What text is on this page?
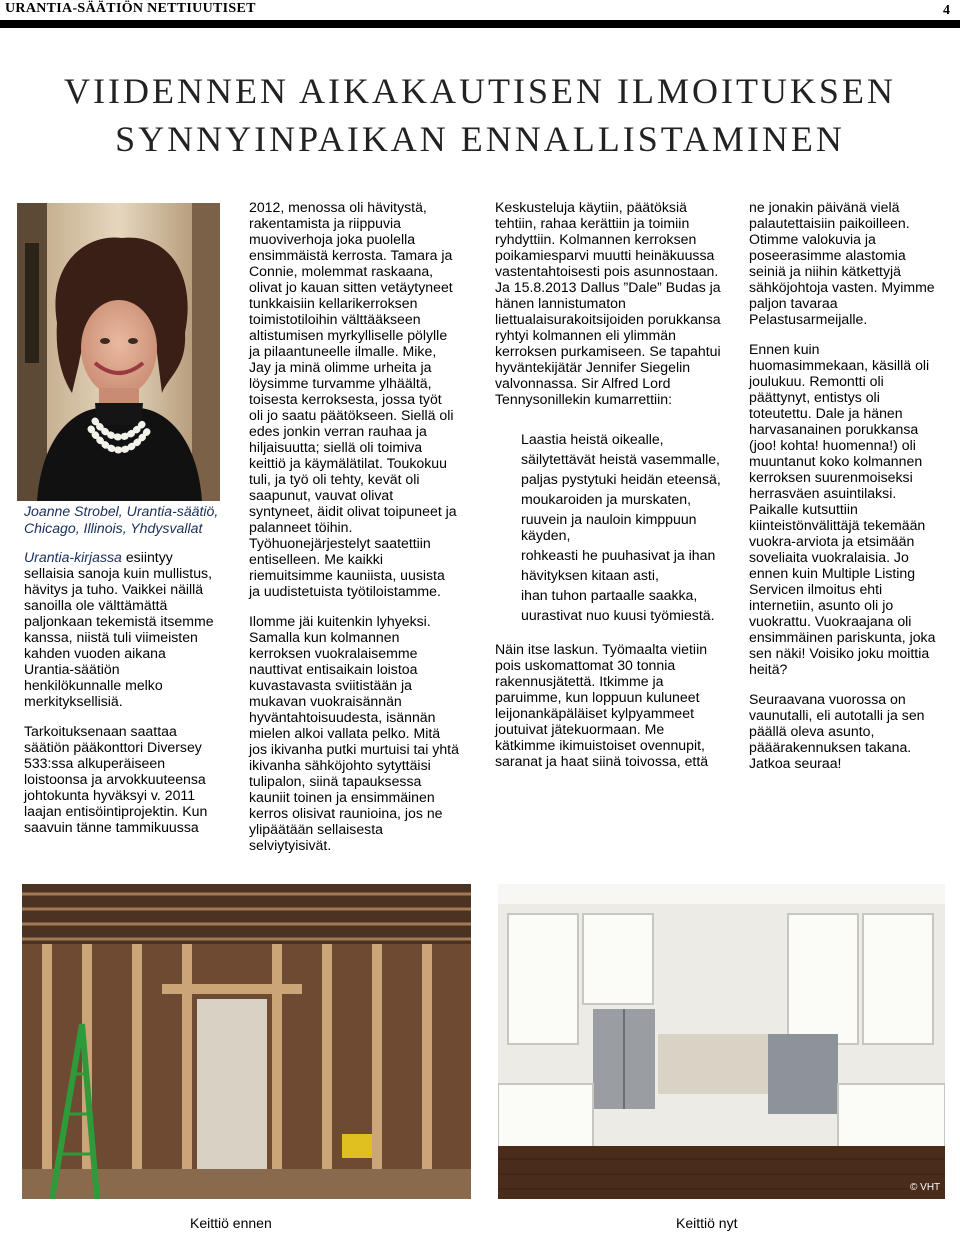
URANTIA-SÄÄTIÖN NETTIUUTISET	4
VIIDENNEN AIKAKAUTISEN ILMOITUKSEN
SYNNYINPAIKAN ENNALLISTAMINEN

Joanne Strobel, Urantia-säätiö, Chicago, Illinois, Yhdysvallat

Urantia-kirjassa esiintyy sellaisia sanoja kuin mullistus, hävitys ja tuho. Vaikkei näillä sanoilla ole välttämättä paljonkaan tekemistä itsemme kanssa, niistä tuli viimeisten kahden vuoden aikana Urantia-säätiön henkilökunnalle melko merkityksellisiä.

Tarkoituksenaan saattaa säätiön pääkonttori Diversey 533:ssa alkuperäiseen loistoonsa ja arvokkuuteensa johtokunta hyväksyi v. 2011 laajan entisöintiprojektin. Kun saavuin tänne tammikuussa

2012, menossa oli hävitystä, rakentamista ja riippuvia muoviverhoja joka puolella ensimmäistä kerrosta. Tamara ja Connie, molemmat raskaana, olivat jo kauan sitten vetäytyneet tunkkaisiin kellarikerroksen toimistotiloihin välttääkseen altistumisen myrkylliselle pölylle ja pilaantuneelle ilmalle. Mike, Jay ja minä olimme urheita ja löysimme turvamme ylhäältä, toisesta kerroksesta, jossa työt oli jo saatu päätökseen. Siellä oli edes jonkin verran rauhaa ja hiljaisuutta; siellä oli toimiva keittiö ja käymälätilat. Toukokuu tuli, ja työ oli tehty, kevät oli saapunut, vauvat olivat syntyneet, äidit olivat toipuneet ja palanneet töihin. Työhuonejärjestelyt saatettiin entiselleen. Me kaikki riemuitsimme kauniista, uusista ja uudistetuista työtiloistamme.

Ilomme jäi kuitenkin lyhyeksi. Samalla kun kolmannen kerroksen vuokralaisemme nauttivat entisaikain loistoa kuvastavasta sviitistään ja mukavan vuokraisännän hyväntahtoisuudesta, isännän mielen alkoi vallata pelko. Mitä jos ikivanha putki murtuisi tai yhtä ikivanha sähköjohto sytyttäisi tulipalon, siinä tapauksessa kauniit toinen ja ensimmäinen kerros olisivat raunioina, jos ne ylipäätään sellaisesta selviytyisivät.

Keskusteluja käytiin, päätöksiä tehtiin, rahaa kerättiin ja toimiin ryhdyttiin. Kolmannen kerroksen poikamiesparvi muutti heinäkuussa vastentahtoisesti pois asunnostaan. Ja 15.8.2013 Dallus ”Dale” Budas ja hänen lannistumaton liettualaisurakoitsijoiden porukkansa ryhtyi kolmannen eli ylimmän kerroksen purkamiseen. Se tapahtui hyväntekijätär Jennifer Siegelin valvonnassa. Sir Alfred Lord Tennysonillekin kumarrettiin:

Laastia heistä oikealle,
säilytettävät heistä vasemmalle,
paljas pystytuki heidän eteensä,
moukaroiden ja murskaten,
ruuvein ja nauloin kimppuun käyden,
rohkeasti he puuhasivat ja ihan
hävityksen kitaan asti,
ihan tuhon partaalle saakka,
uurastivat nuo kuusi työmiestä.

Näin itse laskun. Työmaalta vietiin pois uskomattomat 30 tonnia rakennusjätettä. Itkimme ja paruimme, kun loppuun kuluneet leijonankäpäläiset kylpyammeet joutuivat jätekuormaan. Me kätkimme ikimuistoiset ovennupit, saranat ja haat siinä toivossa, että

ne jonakin päivänä vielä palautettaisiin paikoilleen. Otimme valokuvia ja poseerasimme alastomia seiniä ja niihin kätkettyjä sähköjohtoja vasten. Myimme paljon tavaraa Pelastusarmeijalle.

Ennen kuin huomasimmekaan, käsillä oli joulukuu. Remontti oli päättynyt, entistys oli toteutettu. Dale ja hänen harvasanainen porukkansa (joo! kohta! huomenna!) oli muuntanut koko kolmannen kerroksen suurenmoiseksi herrasväen asuintilaksi. Paikalle kutsuttiin kiinteistönvälittäjä tekemään vuokra-arviota ja etsimään soveliaita vuokralaisia. Jo ennen kuin Multiple Listing Servicen ilmoitus ehti internetiin, asunto oli jo vuokrattu. Vuokraajana oli ensimmäinen pariskunta, joka sen näki! Voisiko joku moittia heitä?

Seuraavana vuorossa on vaunutalli, eli autotalli ja sen päällä oleva asunto, pääärakennuksen takana. Jatkoa seuraa!

© VHT
Keittiö ennen	Keittiö nyt
